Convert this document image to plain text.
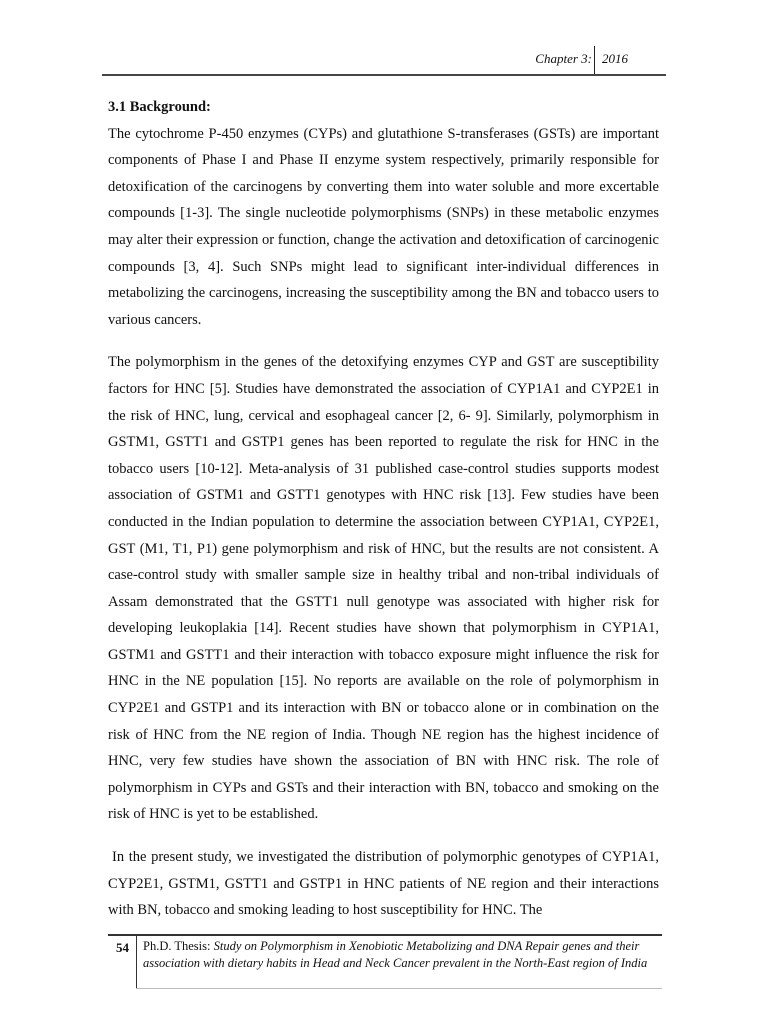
Chapter 3: 2016

3.1 Background:

The cytochrome P-450 enzymes (CYPs) and glutathione S-transferases (GSTs) are important components of Phase I and Phase II enzyme system respectively, primarily responsible for detoxification of the carcinogens by converting them into water soluble and more excertable compounds [1-3]. The single nucleotide polymorphisms (SNPs) in these metabolic enzymes may alter their expression or function, change the activation and detoxification of carcinogenic compounds [3, 4]. Such SNPs might lead to significant inter-individual differences in metabolizing the carcinogens, increasing the susceptibility among the BN and tobacco users to various cancers.

The polymorphism in the genes of the detoxifying enzymes CYP and GST are susceptibility factors for HNC [5]. Studies have demonstrated the association of CYP1A1 and CYP2E1 in the risk of HNC, lung, cervical and esophageal cancer [2, 6- 9]. Similarly, polymorphism in GSTM1, GSTT1 and GSTP1 genes has been reported to regulate the risk for HNC in the tobacco users [10-12]. Meta-analysis of 31 published case-control studies supports modest association of GSTM1 and GSTT1 genotypes with HNC risk [13]. Few studies have been conducted in the Indian population to determine the association between CYP1A1, CYP2E1, GST (M1, T1, P1) gene polymorphism and risk of HNC, but the results are not consistent. A case-control study with smaller sample size in healthy tribal and non-tribal individuals of Assam demonstrated that the GSTT1 null genotype was associated with higher risk for developing leukoplakia [14]. Recent studies have shown that polymorphism in CYP1A1, GSTM1 and GSTT1 and their interaction with tobacco exposure might influence the risk for HNC in the NE population [15]. No reports are available on the role of polymorphism in CYP2E1 and GSTP1 and its interaction with BN or tobacco alone or in combination on the risk of HNC from the NE region of India. Though NE region has the highest incidence of HNC, very few studies have shown the association of BN with HNC risk. The role of polymorphism in CYPs and GSTs and their interaction with BN, tobacco and smoking on the risk of HNC is yet to be established.

In the present study, we investigated the distribution of polymorphic genotypes of CYP1A1, CYP2E1, GSTM1, GSTT1 and GSTP1 in HNC patients of NE region and their interactions with BN, tobacco and smoking leading to host susceptibility for HNC. The

54 Ph.D. Thesis: Study on Polymorphism in Xenobiotic Metabolizing and DNA Repair genes and their association with dietary habits in Head and Neck Cancer prevalent in the North-East region of India
